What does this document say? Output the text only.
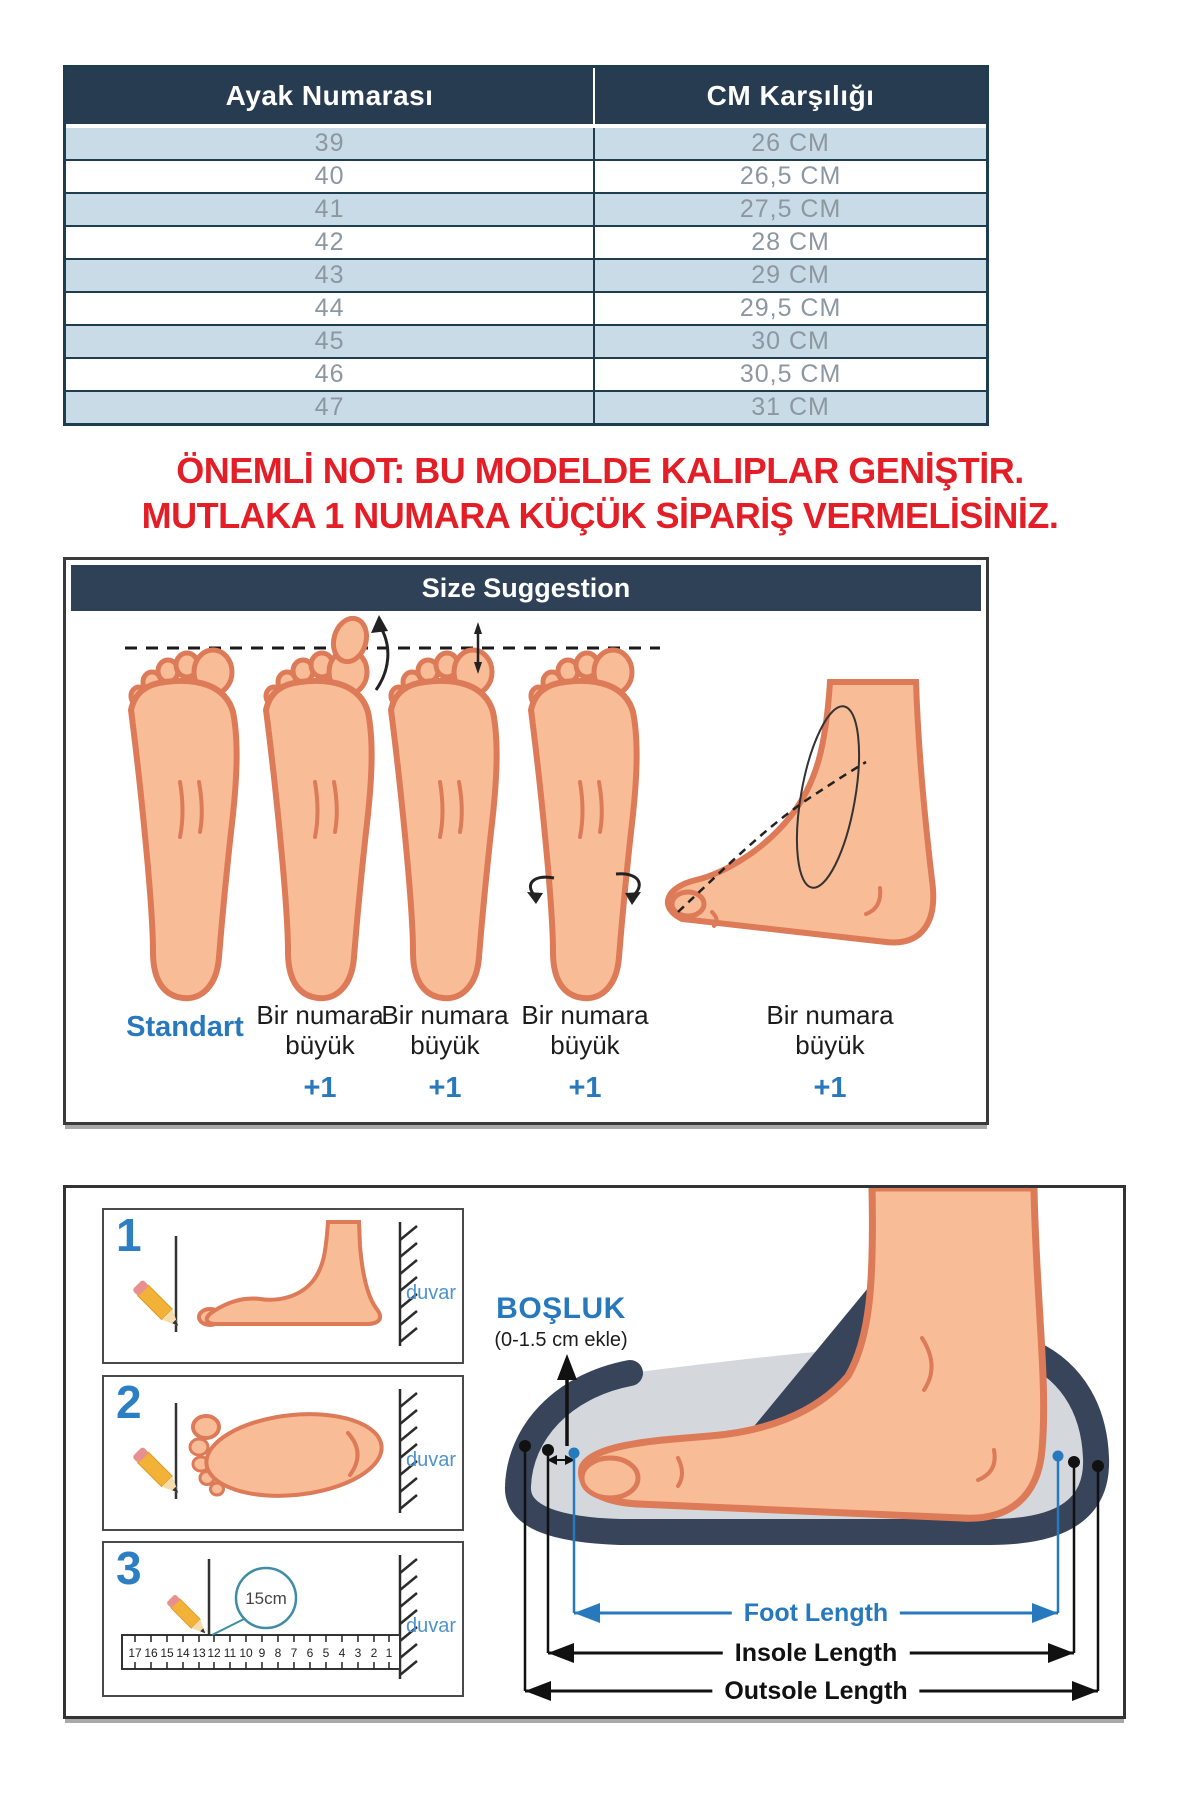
Ayak Numarası	CM Karşılığı
39	26 CM
40	26,5 CM
41	27,5 CM
42	28 CM
43	29 CM
44	29,5 CM
45	30 CM
46	30,5 CM
47	31 CM
ÖNEMLİ NOT: BU MODELDE KALIPLAR GENİŞTİR.
MUTLAKA 1 NUMARA KÜÇÜK SİPARİŞ VERMELİSİNİZ.
Size Suggestion
Standart Bir numara büyük
Bir numara büyük
Bir numara büyük
Bir numara büyük
+1	+1	+1	+1
1
duvar
2
duvar
17 16 15 14 13 12 11 10 9 8 7 6 5 4 3 2 1
15cm
3
duvar
BOŞLUK
(0-1.5 cm ekle)
Foot Length
Insole Length
Outsole Length
